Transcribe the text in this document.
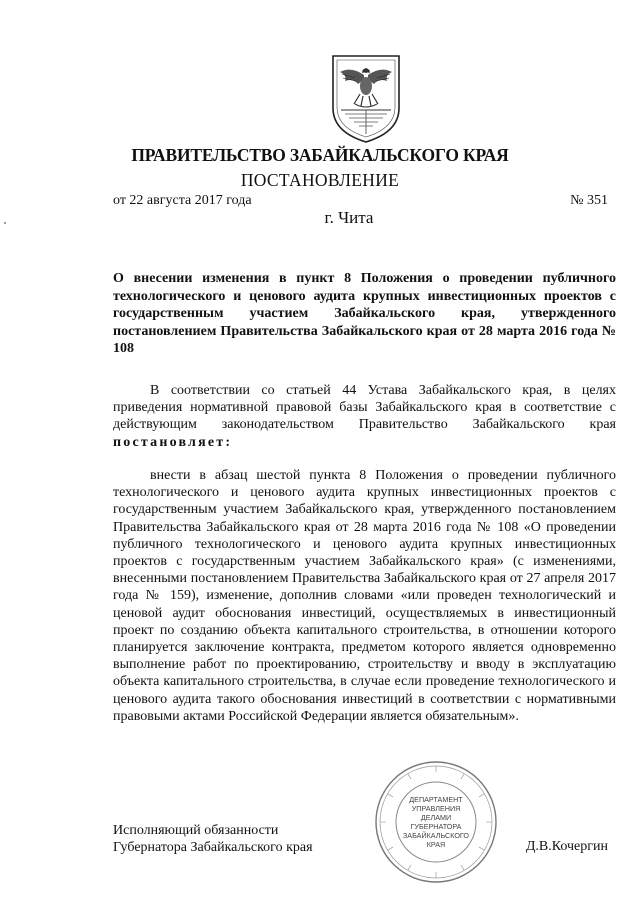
ПРАВИТЕЛЬСТВО ЗАБАЙКАЛЬСКОГО КРАЯ
ПОСТАНОВЛЕНИЕ
от 22 августа 2017 года	№ 351
г. Чита
О внесении изменения в пункт 8 Положения о проведении публичного технологического и ценового аудита крупных инвестиционных проектов с государственным участием Забайкальского края, утвержденного постановлением Правительства Забайкальского края от 28 марта 2016 года № 108

В соответствии со статьей 44 Устава Забайкальского края, в целях приведения нормативной правовой базы Забайкальского края в соответствие с действующим законодательством Правительство Забайкальского края постановляет:

внести в абзац шестой пункта 8 Положения о проведении публичного технологического и ценового аудита крупных инвестиционных проектов с государственным участием Забайкальского края, утвержденного постановлением Правительства Забайкальского края от 28 марта 2016 года № 108 «О проведении публичного технологического и ценового аудита крупных инвестиционных проектов с государственным участием Забайкальского края» (с изменениями, внесенными постановлением Правительства Забайкальского края от 27 апреля 2017 года № 159), изменение, дополнив словами «или проведен технологический и ценовой аудит обоснования инвестиций, осуществляемых в инвестиционный проект по созданию объекта капитального строительства, в отношении которого планируется заключение контракта, предметом которого является одновременно выполнение работ по проектированию, строительству и вводу в эксплуатацию объекта капитального строительства, в случае если проведение технологического и ценового аудита такого обоснования инвестиций в соответствии с нормативными правовыми актами Российской Федерации является обязательным».

Исполняющий обязанности
Губернатора Забайкальского края	Д.В.Кочергин
ДЕПАРТАМЕНТ
УПРАВЛЕНИЯ
ДЕЛАМИ
ГУБЕРНАТОРА
ЗАБАЙКАЛЬСКОГО
КРАЯ
